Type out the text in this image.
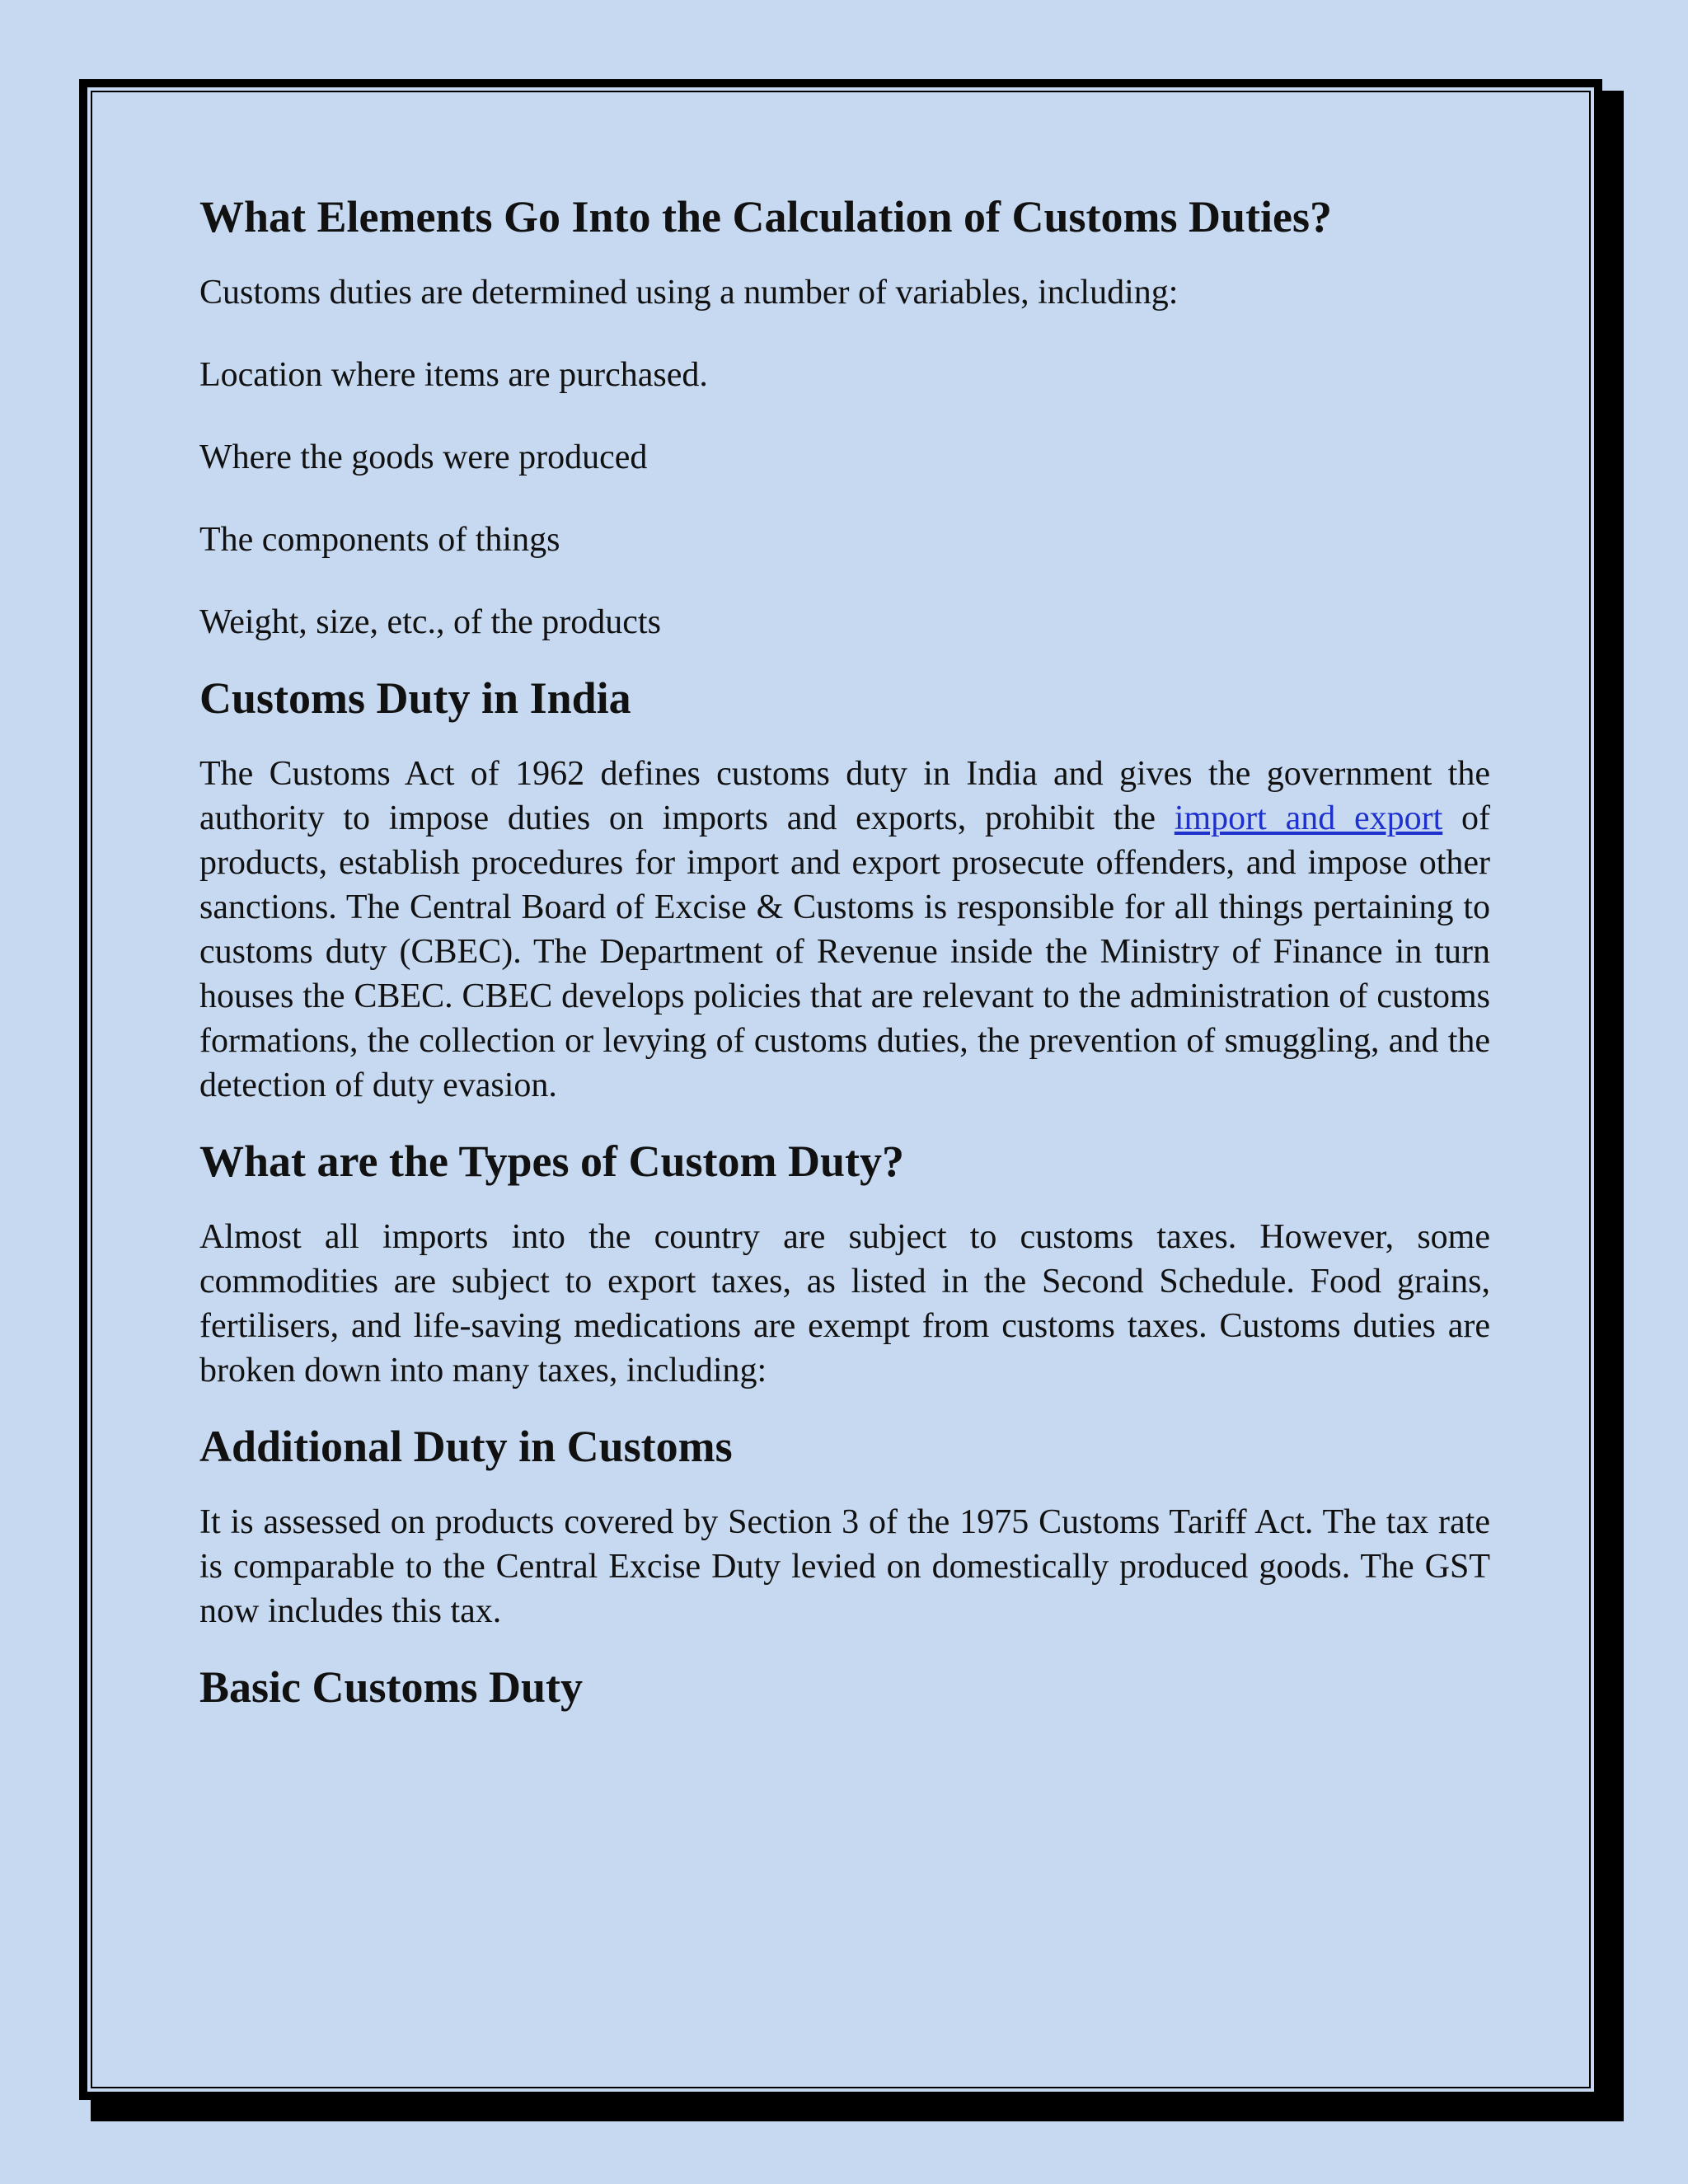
What Elements Go Into the Calculation of Customs Duties?

Customs duties are determined using a number of variables, including:

Location where items are purchased.

Where the goods were produced

The components of things

Weight, size, etc., of the products

Customs Duty in India

The Customs Act of 1962 defines customs duty in India and gives the government the authority to impose duties on imports and exports, prohibit the import and export of products, establish procedures for import and export prosecute offenders, and impose other sanctions. The Central Board of Excise & Customs is responsible for all things pertaining to customs duty (CBEC). The Department of Revenue inside the Ministry of Finance in turn houses the CBEC. CBEC develops policies that are relevant to the administration of customs formations, the collection or levying of customs duties, the prevention of smuggling, and the detection of duty evasion.

What are the Types of Custom Duty?

Almost all imports into the country are subject to customs taxes. However, some commodities are subject to export taxes, as listed in the Second Schedule. Food grains, fertilisers, and life-saving medications are exempt from customs taxes. Customs duties are broken down into many taxes, including:

Additional Duty in Customs

It is assessed on products covered by Section 3 of the 1975 Customs Tariff Act. The tax rate is comparable to the Central Excise Duty levied on domestically produced goods. The GST now includes this tax.

Basic Customs Duty
